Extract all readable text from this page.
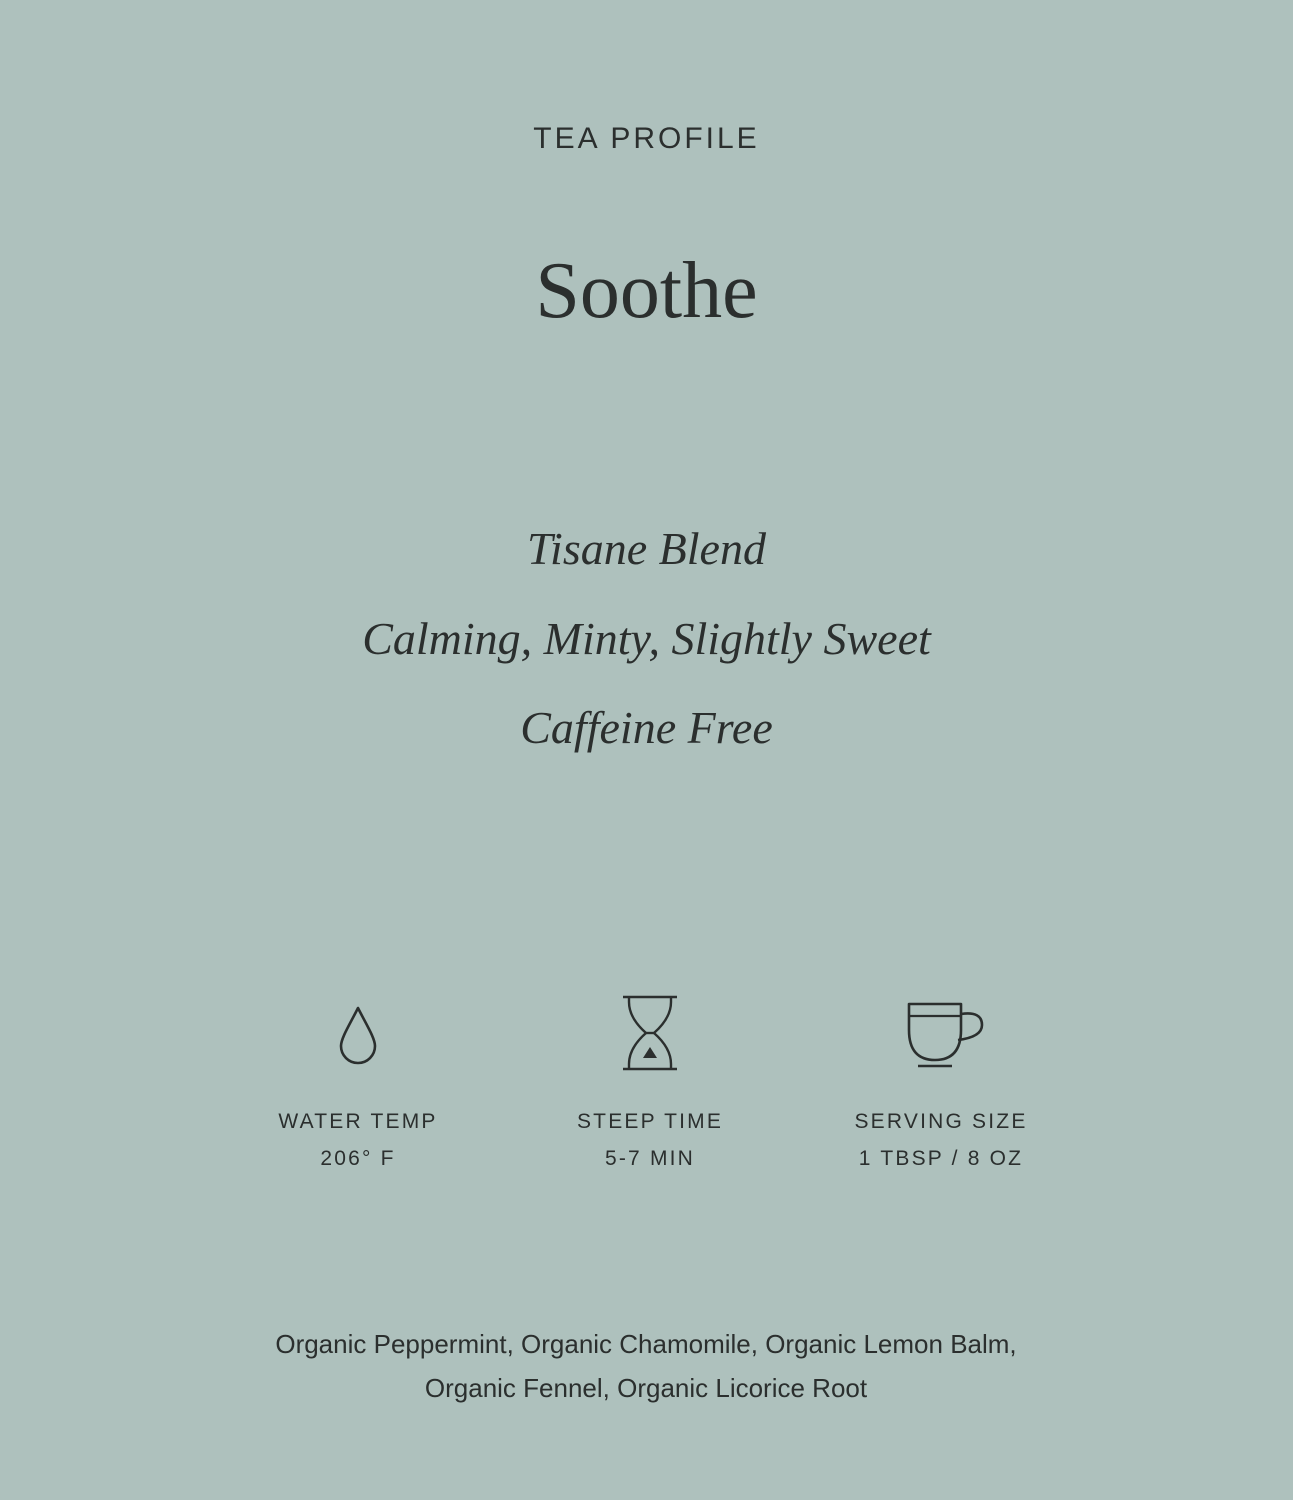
TEA PROFILE
Soothe
Tisane Blend
Calming, Minty, Slightly Sweet
Caffeine Free
WATER TEMP
206° F
STEEP TIME
5-7 MIN
SERVING SIZE
1 TBSP / 8 OZ
Organic Peppermint, Organic Chamomile, Organic Lemon Balm,
Organic Fennel, Organic Licorice Root
